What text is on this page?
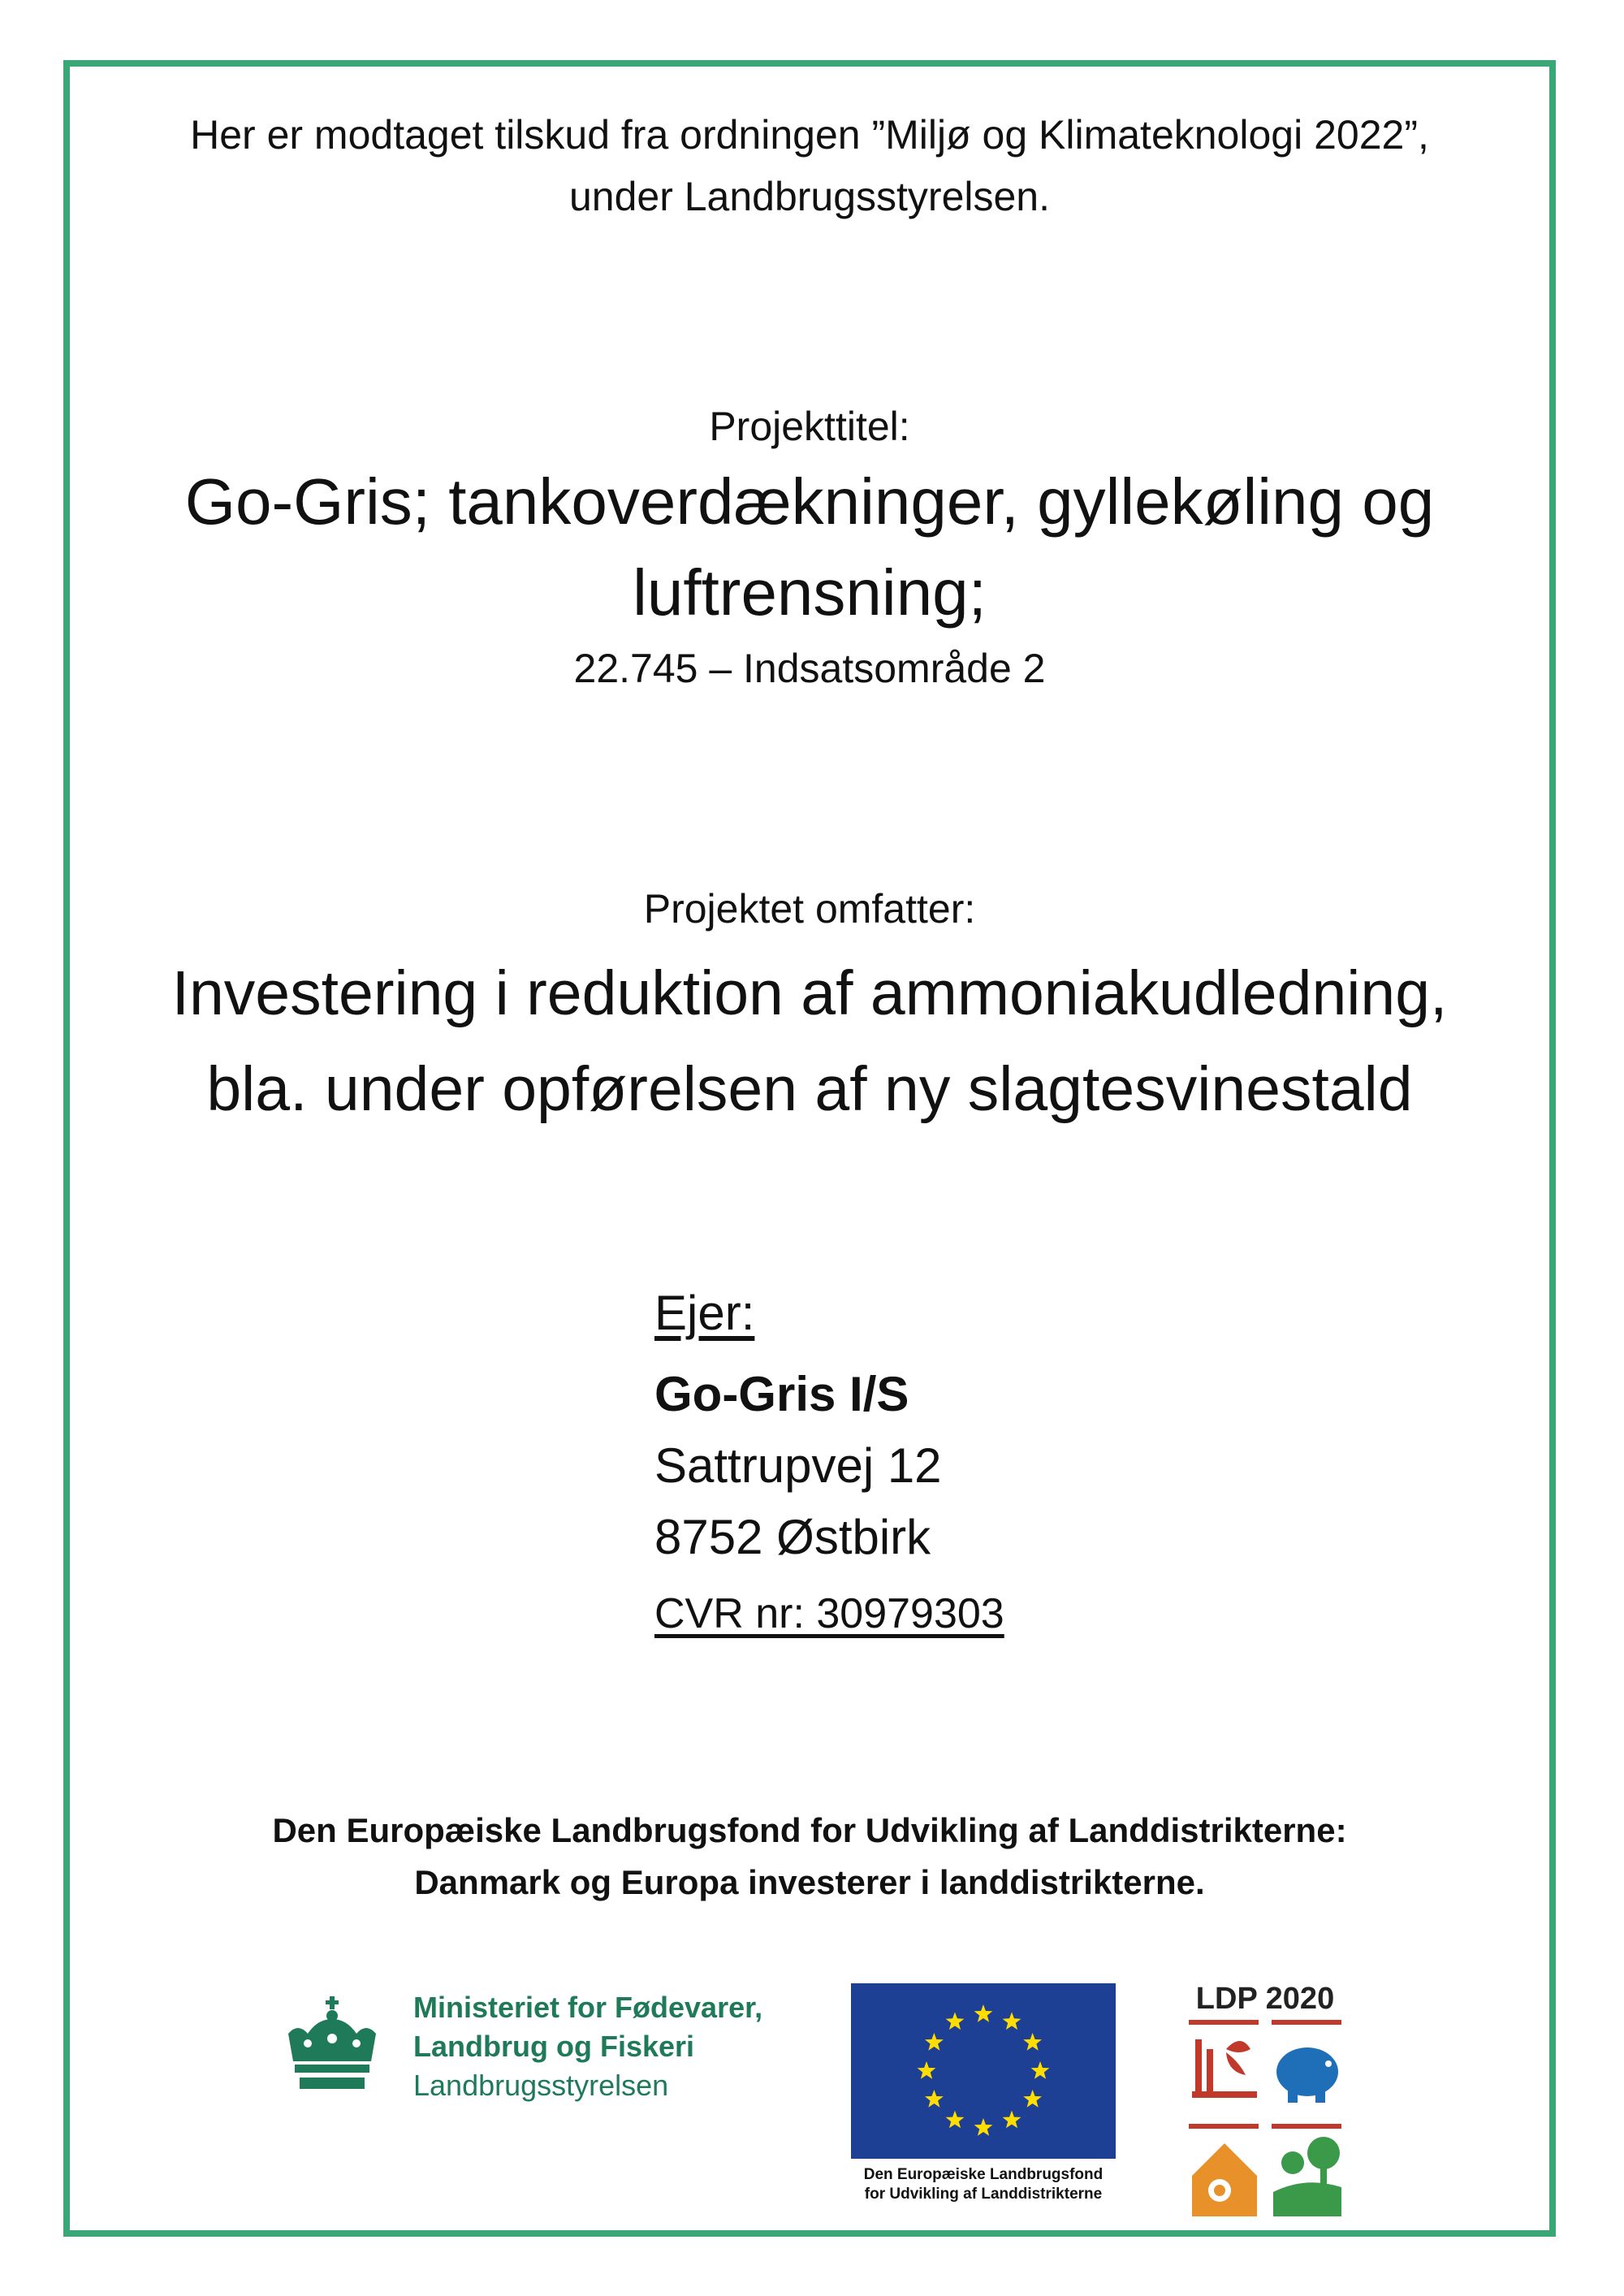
Her er modtaget tilskud fra ordningen ”Miljø og Klimateknologi 2022”,
under Landbrugsstyrelsen.
Projekttitel:
Go-Gris; tankoverdækninger, gyllekøling og
luftrensning;
22.745 – Indsatsområde 2
Projektet omfatter:
Investering i reduktion af ammoniakudledning,
bla. under opførelsen af ny slagtesvinestald
Ejer:
Go-Gris I/S
Sattrupvej 12
8752 Østbirk
CVR nr: 30979303
Den Europæiske Landbrugsfond for Udvikling af Landdistrikterne:
Danmark og Europa investerer i landdistrikterne.
Ministeriet for Fødevarer,
Landbrug og Fiskeri
Landbrugsstyrelsen
Den Europæiske Landbrugsfond
for Udvikling af Landdistrikterne
LDP 2020
